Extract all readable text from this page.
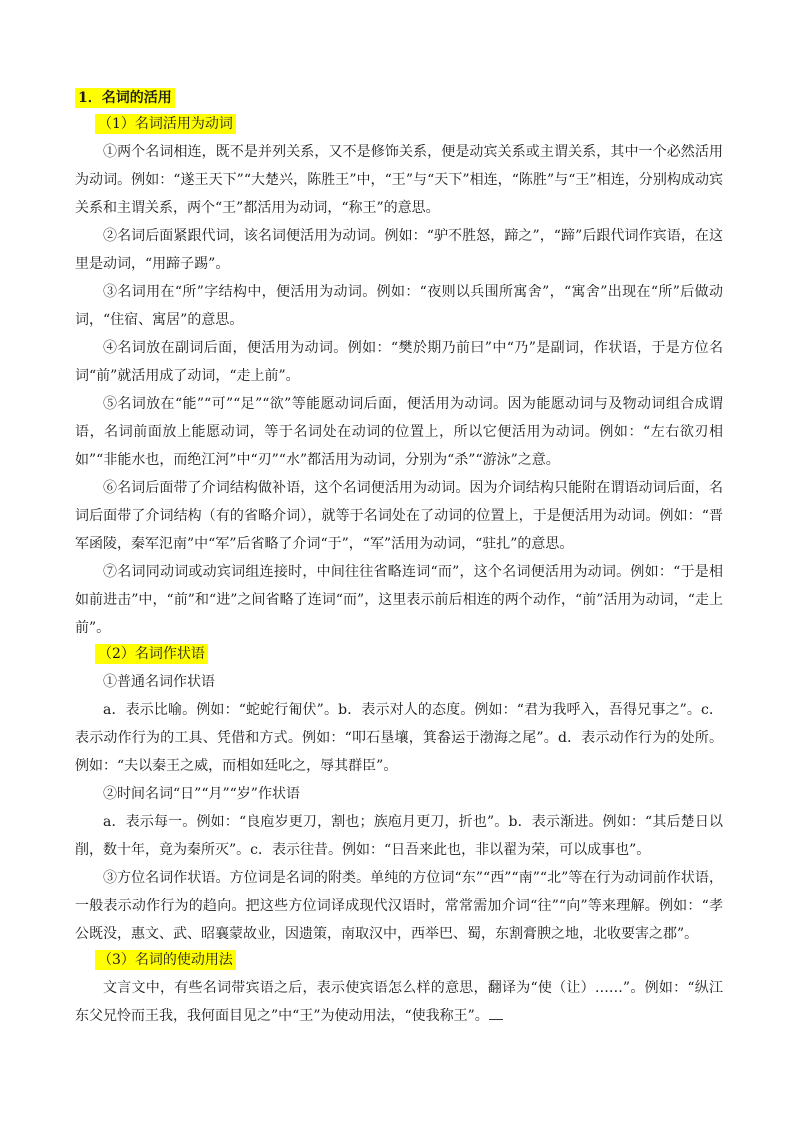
1．名词的活用
（1）名词活用为动词

①两个名词相连，既不是并列关系，又不是修饰关系，便是动宾关系或主谓关系，其中一个必然活用为动词。例如：“遂王天下”“大楚兴，陈胜王”中，“王”与“天下”相连，“陈胜”与“王”相连，分别构成动宾关系和主谓关系，两个“王”都活用为动词，“称王”的意思。

②名词后面紧跟代词，该名词便活用为动词。例如：“驴不胜怒，蹄之”，“蹄”后跟代词作宾语，在这里是动词，“用蹄子踢”。

③名词用在“所”字结构中，便活用为动词。例如：“夜则以兵围所寓舍”，“寓舍”出现在“所”后做动词，“住宿、寓居”的意思。

④名词放在副词后面，便活用为动词。例如：“樊於期乃前曰”中“乃”是副词，作状语，于是方位名词“前”就活用成了动词，“走上前”。

⑤名词放在“能”“可”“足”“欲”等能愿动词后面，便活用为动词。因为能愿动词与及物动词组合成谓语，名词前面放上能愿动词，等于名词处在动词的位置上，所以它便活用为动词。例如：“左右欲刃相如”“非能水也，而绝江河”中“刃”“水”都活用为动词，分别为“杀”“游泳”之意。

⑥名词后面带了介词结构做补语，这个名词便活用为动词。因为介词结构只能附在谓语动词后面，名词后面带了介词结构（有的省略介词），就等于名词处在了动词的位置上，于是便活用为动词。例如：“晋军函陵，秦军氾南”中“军”后省略了介词“于”，“军”活用为动词，“驻扎”的意思。

⑦名词同动词或动宾词组连接时，中间往往省略连词“而”，这个名词便活用为动词。例如：“于是相如前进击”中，“前”和“进”之间省略了连词“而”，这里表示前后相连的两个动作，“前”活用为动词，“走上前”。

（2）名词作状语

①普通名词作状语

a．表示比喻。例如：“蛇蛇行匍伏”。b．表示对人的态度。例如：“君为我呼入，吾得兄事之”。c．表示动作行为的工具、凭借和方式。例如：“叩石垦壤，箕畚运于渤海之尾”。d．表示动作行为的处所。例如：“夫以秦王之威，而相如廷叱之，辱其群臣”。

②时间名词“日”“月”“岁”作状语

a．表示每一。例如：“良庖岁更刀，割也；族庖月更刀，折也”。b．表示渐进。例如：“其后楚日以削，数十年，竟为秦所灭”。c．表示往昔。例如：“日吾来此也，非以翟为荣，可以成事也”。

③方位名词作状语。方位词是名词的附类。单纯的方位词“东”“西”“南”“北”等在行为动词前作状语，一般表示动作行为的趋向。把这些方位词译成现代汉语时，常常需加介词“往”“向”等来理解。例如：“孝公既没，惠文、武、昭襄蒙故业，因遗策，南取汉中，西举巴、蜀，东割膏腴之地，北收要害之郡”。

（3）名词的使动用法

文言文中，有些名词带宾语之后，表示使宾语怎么样的意思，翻译为“使（让）……”。例如：“纵江东父兄怜而王我，我何面目见之”中“王”为使动用法，“使我称王”。
